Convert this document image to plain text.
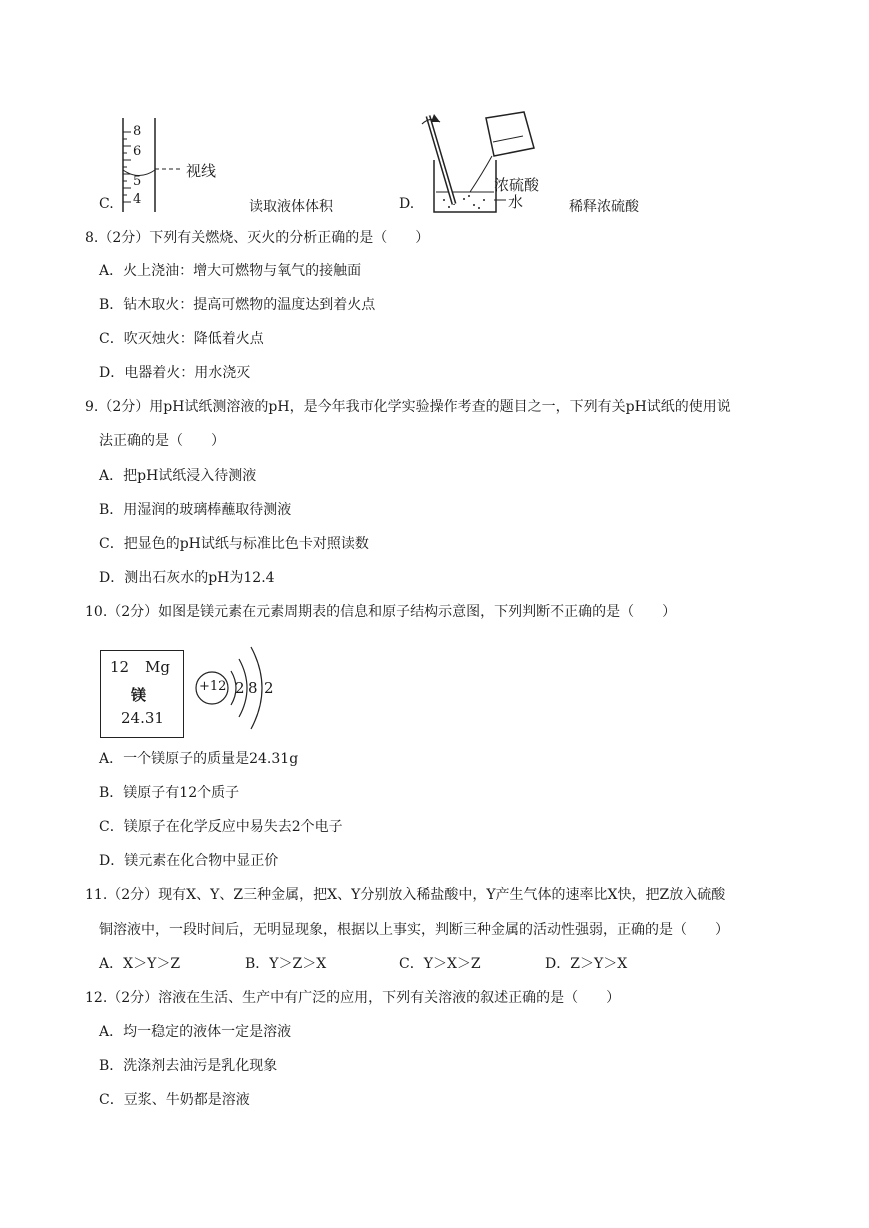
C.
8
6
5
4
视线
读取液体体积	D.
浓硫酸
水	稀释浓硫酸
8.（2分）下列有关燃烧、灭火的分析正确的是（　　）
A．火上浇油：增大可燃物与氧气的接触面
B．钻木取火：提高可燃物的温度达到着火点
C．吹灭烛火：降低着火点
D．电器着火：用水浇灭
9.（2分）用pH试纸测溶液的pH，是今年我市化学实验操作考查的题目之一，下列有关pH试纸的使用说
法正确的是（　　）
A．把pH试纸浸入待测液
B．用湿润的玻璃棒蘸取待测液
C．把显色的pH试纸与标准比色卡对照读数
D．测出石灰水的pH为12.4
10.（2分）如图是镁元素在元素周期表的信息和原子结构示意图，下列判断不正确的是（　　）
12 Mg
镁
24.31
+12 2 8 2
A．一个镁原子的质量是24.31g
B．镁原子有12个质子
C．镁原子在化学反应中易失去2个电子
D．镁元素在化合物中显正价
11.（2分）现有X、Y、Z三种金属，把X、Y分别放入稀盐酸中，Y产生气体的速率比X快，把Z放入硫酸
铜溶液中，一段时间后，无明显现象，根据以上事实，判断三种金属的活动性强弱，正确的是（　　）
A．X＞Y＞Z	B．Y＞Z＞X	C．Y＞X＞Z	D．Z＞Y＞X
12.（2分）溶液在生活、生产中有广泛的应用，下列有关溶液的叙述正确的是（　　）
A．均一稳定的液体一定是溶液
B．洗涤剂去油污是乳化现象
C．豆浆、牛奶都是溶液
